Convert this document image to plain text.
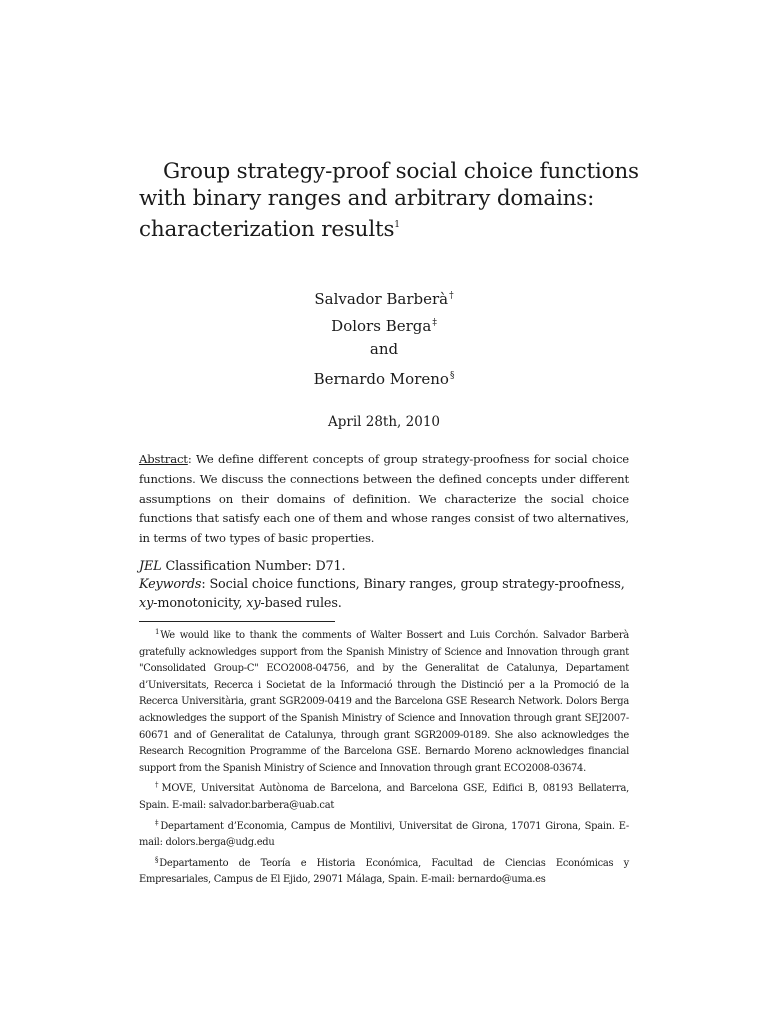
Group strategy-proof social choice functions with binary ranges and arbitrary domains: characterization results$^1$
Salvador Barberà†
Dolors Berga‡
and
Bernardo Moreno§
April 28th, 2010

Abstract: We define different concepts of group strategy-proofness for social choice functions. We discuss the connections between the defined concepts under different assumptions on their domains of definition. We characterize the social choice functions that satisfy each one of them and whose ranges consist of two alternatives, in terms of two types of basic properties.

JEL Classification Number: D71.

Keywords: Social choice functions, Binary ranges, group strategy-proofness, xy-monotonicity, xy-based rules.

$^1$We would like to thank the comments of Walter Bossert and Luis Corchón. Salvador Barberà gratefully acknowledges support from the Spanish Ministry of Science and Innovation through grant "Consolidated Group-C" ECO2008-04756, and by the Generalitat de Catalunya, Departament d’Universitats, Recerca i Societat de la Informació through the Distinció per a la Promoció de la Recerca Universitària, grant SGR2009-0419 and the Barcelona GSE Research Network. Dolors Berga acknowledges the support of the Spanish Ministry of Science and Innovation through grant SEJ2007-60671 and of Generalitat de Catalunya, through grant SGR2009-0189. She also acknowledges the Research Recognition Programme of the Barcelona GSE. Bernardo Moreno acknowledges financial support from the Spanish Ministry of Science and Innovation through grant ECO2008-03674.

†MOVE, Universitat Autònoma de Barcelona, and Barcelona GSE, Edifici B, 08193 Bellaterra, Spain. E-mail: salvador.barbera@uab.cat

‡Departament d’Economia, Campus de Montilivi, Universitat de Girona, 17071 Girona, Spain. E-mail: dolors.berga@udg.edu

§Departamento de Teoría e Historia Económica, Facultad de Ciencias Económicas y Empresariales, Campus de El Ejido, 29071 Málaga, Spain. E-mail: bernardo@uma.es
